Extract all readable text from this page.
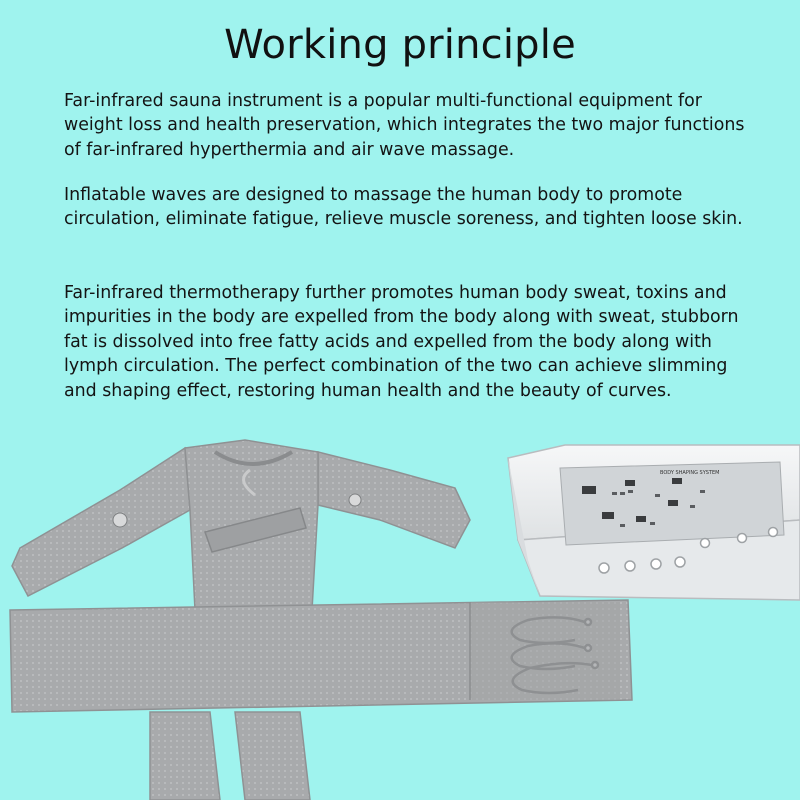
Working principle

Far-infrared sauna instrument is a popular multi-functional equipment for weight loss and health preservation, which integrates the two major functions of far-infrared hyperthermia and air wave massage.

Inflatable waves are designed to massage the human body to promote circulation, eliminate fatigue, relieve muscle soreness, and tighten loose skin.

Far-infrared thermotherapy further promotes human body sweat, toxins and impurities in the body are expelled from the body along with sweat, stubborn fat is dissolved into free fatty acids and expelled from the body along with lymph circulation. The perfect combination of the two can achieve slimming and shaping effect, restoring human health and the beauty of curves.

BODY SHAPING SYSTEM
